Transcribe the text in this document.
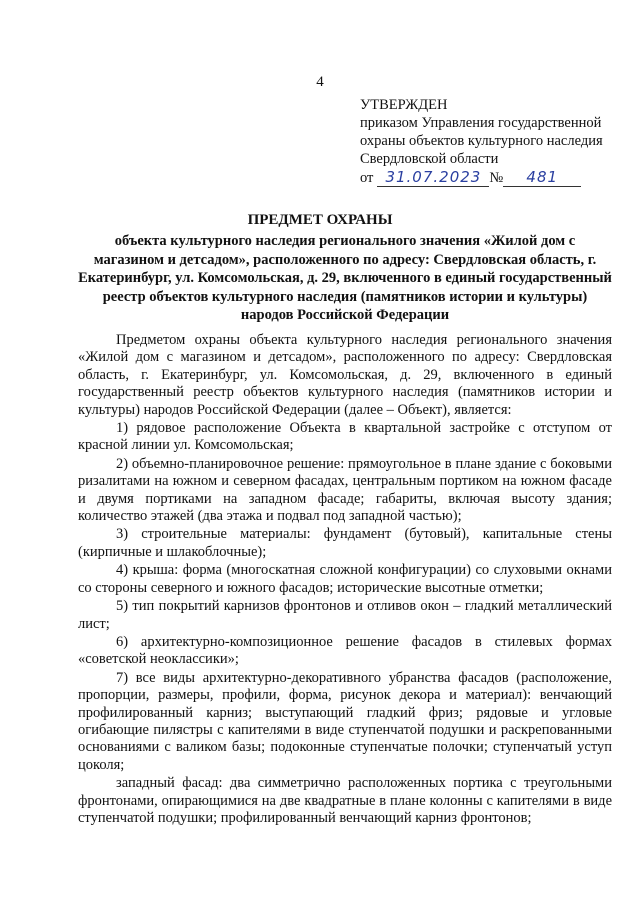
4
УТВЕРЖДЕН
приказом Управления государственной
охраны объектов культурного наследия
Свердловской области
от 31.07.2023 №	481
ПРЕДМЕТ ОХРАНЫ
объекта культурного наследия регионального значения «Жилой дом с магазином и детсадом», расположенного по адресу: Свердловская область, г. Екатеринбург, ул. Комсомольская, д. 29, включенного в единый государственный реестр объектов культурного наследия (памятников истории и культуры) народов Российской Федерации

Предметом охраны объекта культурного наследия регионального значения «Жилой дом с магазином и детсадом», расположенного по адресу: Свердловская область, г. Екатеринбург, ул. Комсомольская, д. 29, включенного в единый государственный реестр объектов культурного наследия (памятников истории и культуры) народов Российской Федерации (далее – Объект), является:

1) рядовое расположение Объекта в квартальной застройке с отступом от красной линии ул. Комсомольская;

2) объемно-планировочное решение: прямоугольное в плане здание с боковыми ризалитами на южном и северном фасадах, центральным портиком на южном фасаде и двумя портиками на западном фасаде; габариты, включая высоту здания; количество этажей (два этажа и подвал под западной частью);

3) строительные материалы: фундамент (бутовый), капитальные стены (кирпичные и шлакоблочные);

4) крыша: форма (многоскатная сложной конфигурации) со слуховыми окнами со стороны северного и южного фасадов; исторические высотные отметки;

5) тип покрытий карнизов фронтонов и отливов окон – гладкий металлический лист;

6) архитектурно-композиционное решение фасадов в стилевых формах «советской неоклассики»;

7) все виды архитектурно-декоративного убранства фасадов (расположение, пропорции, размеры, профили, форма, рисунок декора и материал): венчающий профилированный карниз; выступающий гладкий фриз; рядовые и угловые огибающие пилястры с капителями в виде ступенчатой подушки и раскрепованными основаниями с валиком базы; подоконные ступенчатые полочки; ступенчатый уступ цоколя;

западный фасад: два симметрично расположенных портика с треугольными фронтонами, опирающимися на две квадратные в плане колонны с капителями в виде ступенчатой подушки; профилированный венчающий карниз фронтонов;
